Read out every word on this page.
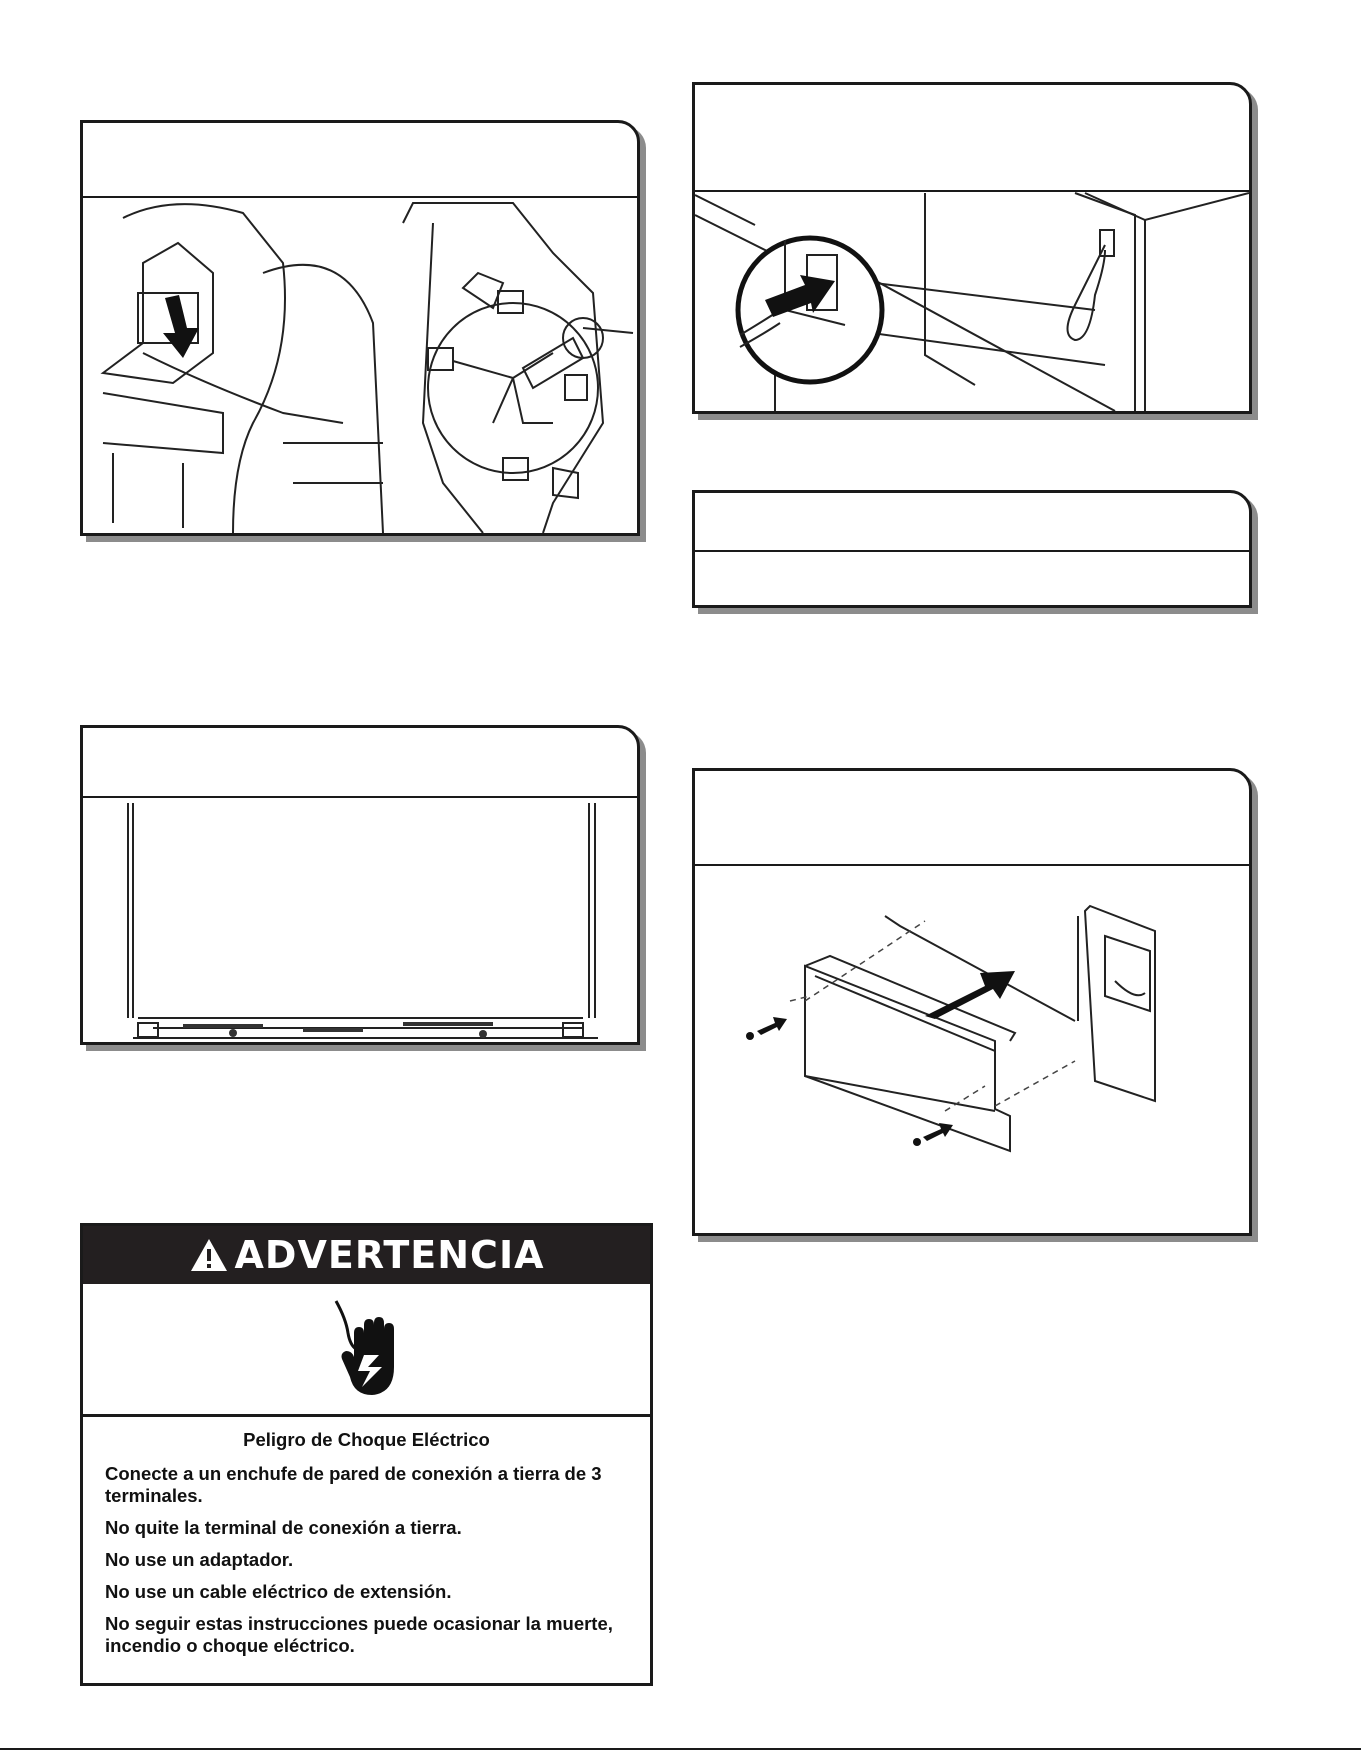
ADVERTENCIA
Peligro de Choque Eléctrico

Conecte a un enchufe de pared de conexión a tierra de 3 terminales.

No quite la terminal de conexión a tierra.

No use un adaptador.

No use un cable eléctrico de extensión.

No seguir estas instrucciones puede ocasionar la muerte, incendio o choque eléctrico.
